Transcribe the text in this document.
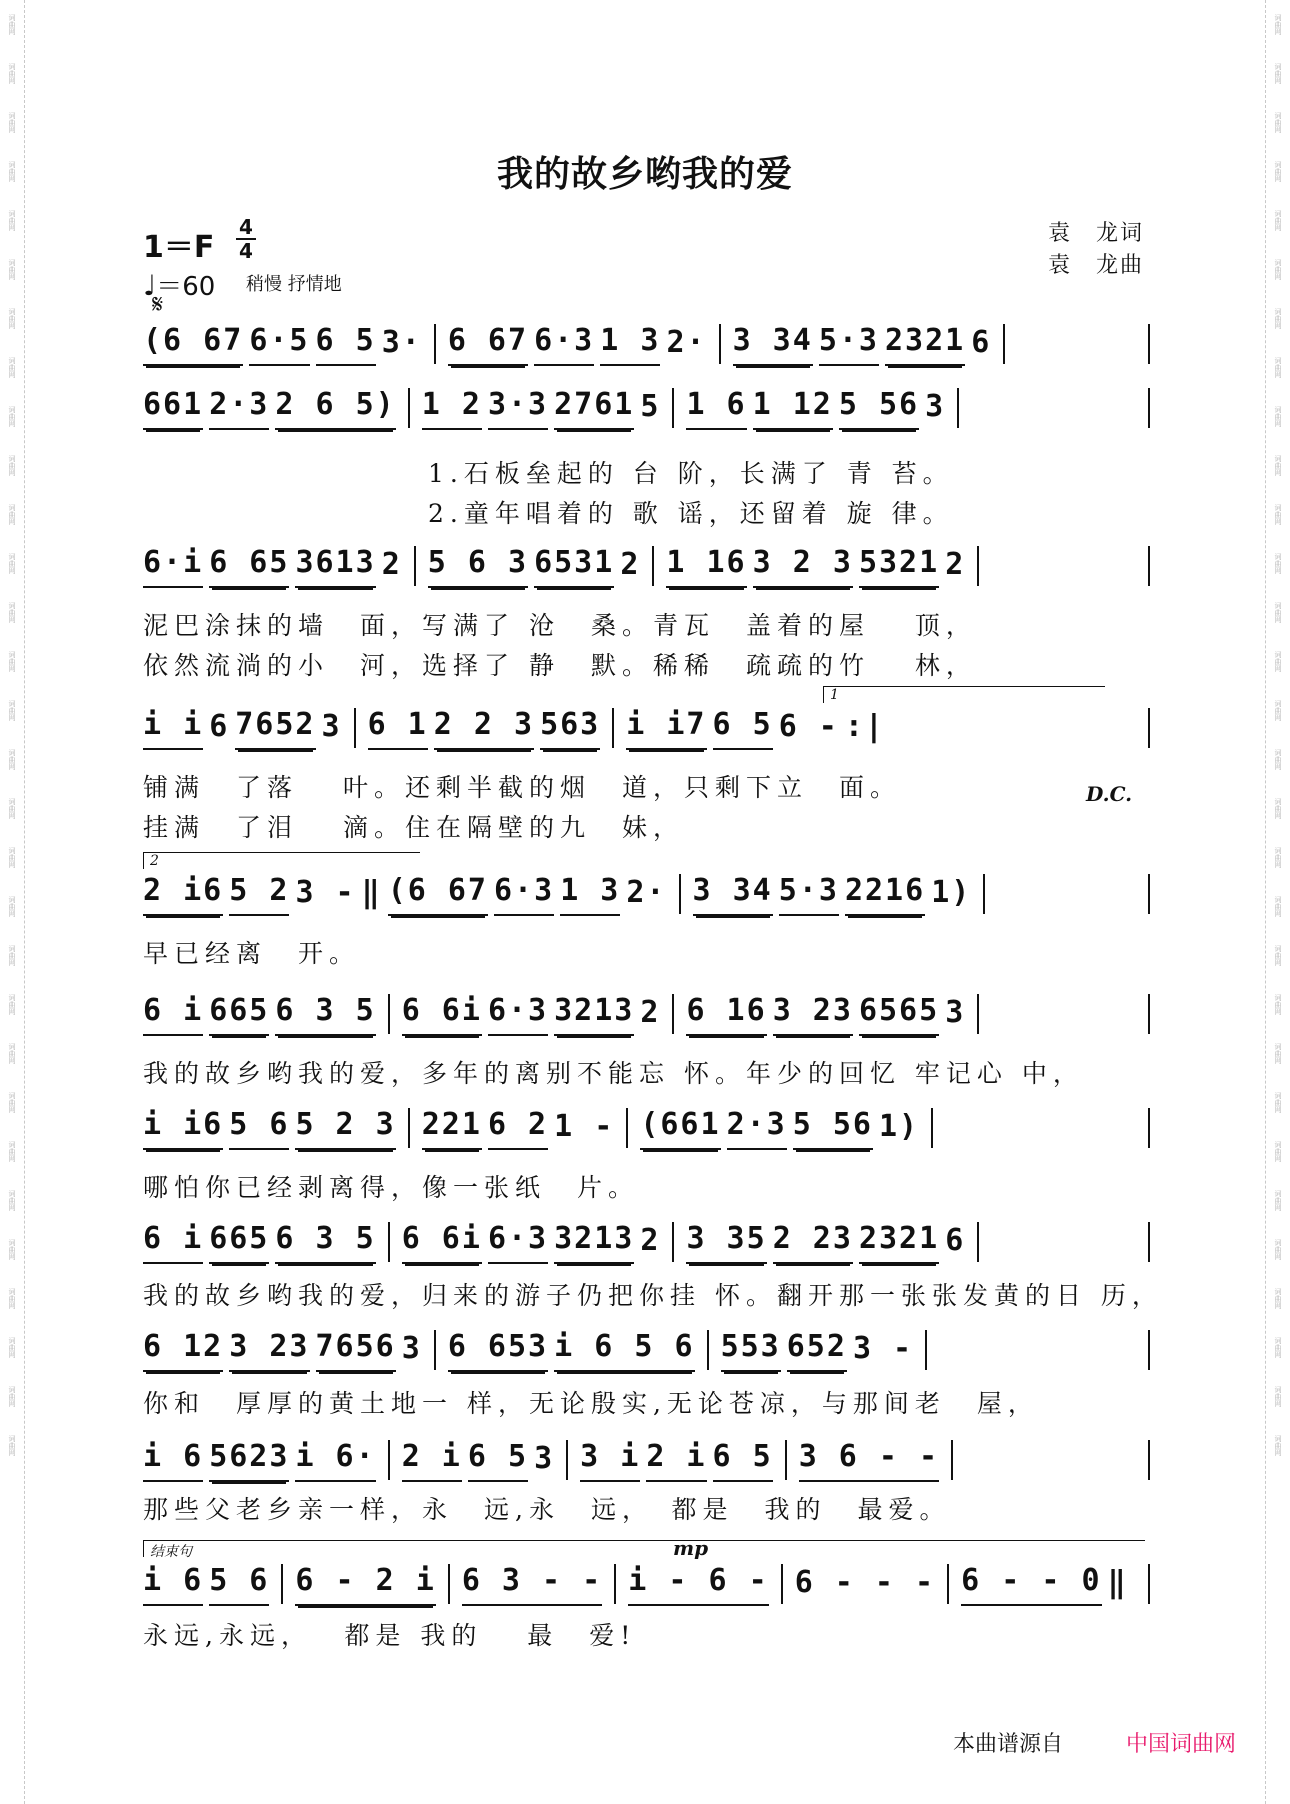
词曲网
词曲网
词曲网
词曲网
词曲网
词曲网
词曲网
词曲网
词曲网
词曲网
词曲网
词曲网
词曲网
词曲网
词曲网
词曲网
词曲网
词曲网
词曲网
词曲网
词曲网
词曲网
词曲网
词曲网
词曲网
词曲网
词曲网
词曲网
词曲网
词曲网
词曲网
词曲网
词曲网
词曲网
词曲网
词曲网
词曲网
词曲网
词曲网
词曲网
词曲网
词曲网
词曲网
词曲网
词曲网
词曲网
词曲网
词曲网
词曲网
词曲网
词曲网
词曲网
词曲网
词曲网
词曲网
词曲网
词曲网
词曲网
词曲网
词曲网
我的故乡哟我的爱
1＝F
4
4
♩＝60 稍慢 抒情地
𝄋
袁　龙词
袁　龙曲
(6 67 6·5 6 5 3· 6 67 6·3 1 3 2· 3 34 5·3 2321 6
661 2·3 2 6 5) 1 2 3·3 2761 5 1 6 1 12 5 56 3
1.石板垒起的 台 阶，长满了 青 苔。
2.童年唱着的 歌 谣，还留着 旋 律。
6·i 6 65 3613 2 5 6 3 6531 2 1 16 3 2 3 5321 2
泥巴涂抹的墙　面，写满了 沧　桑。青瓦　盖着的屋　 顶，
依然流淌的小　河，选择了 静　默。稀稀　疏疏的竹　 林，
D.C.
1
i i 6 7652 3 6 1 2 2 3 563 i i7 6 5 6 - :|
铺满　了落　 叶。还剩半截的烟　道，只剩下立　面。
挂满　了泪　 滴。住在隔壁的九　妹，
2
2 i6 5 2 3 - ‖ (6 67 6·3 1 3 2· 3 34 5·3 2216 1)
早已经离　开。
6 i 665 6 3 5 6 6i 6·3 3213 2 6 16 3 23 6565 3
我的故乡哟我的爱，多年的离别不能忘 怀。年少的回忆 牢记心 中，
i i6 5 6 5 2 3 221 6 2 1 - (661 2·3 5 56 1)
哪怕你已经剥离得，像一张纸　片。
6 i 665 6 3 5 6 6i 6·3 3213 2 3 35 2 23 2321 6
我的故乡哟我的爱，归来的游子仍把你挂 怀。翻开那一张张发黄的日 历，
6 12 3 23 7656 3 6 653 i 6 5 6 553 652 3 -
你和　厚厚的黄土地一 样，无论殷实,无论苍凉，与那间老　屋，
i 6 5623 i 6· 2 i 6 5 3 3 i 2 i 6 5 3 6 - -
那些父老乡亲一样，永　远,永　远，　都是　我的　最爱。
mp
结束句
i 6 5 6 6 - 2 i 6 3 - - i - 6 - 6 - - - 6 - - 0 ‖
永远,永远，　 都是 我的　 最　爱!
本曲谱源自	中国词曲网
